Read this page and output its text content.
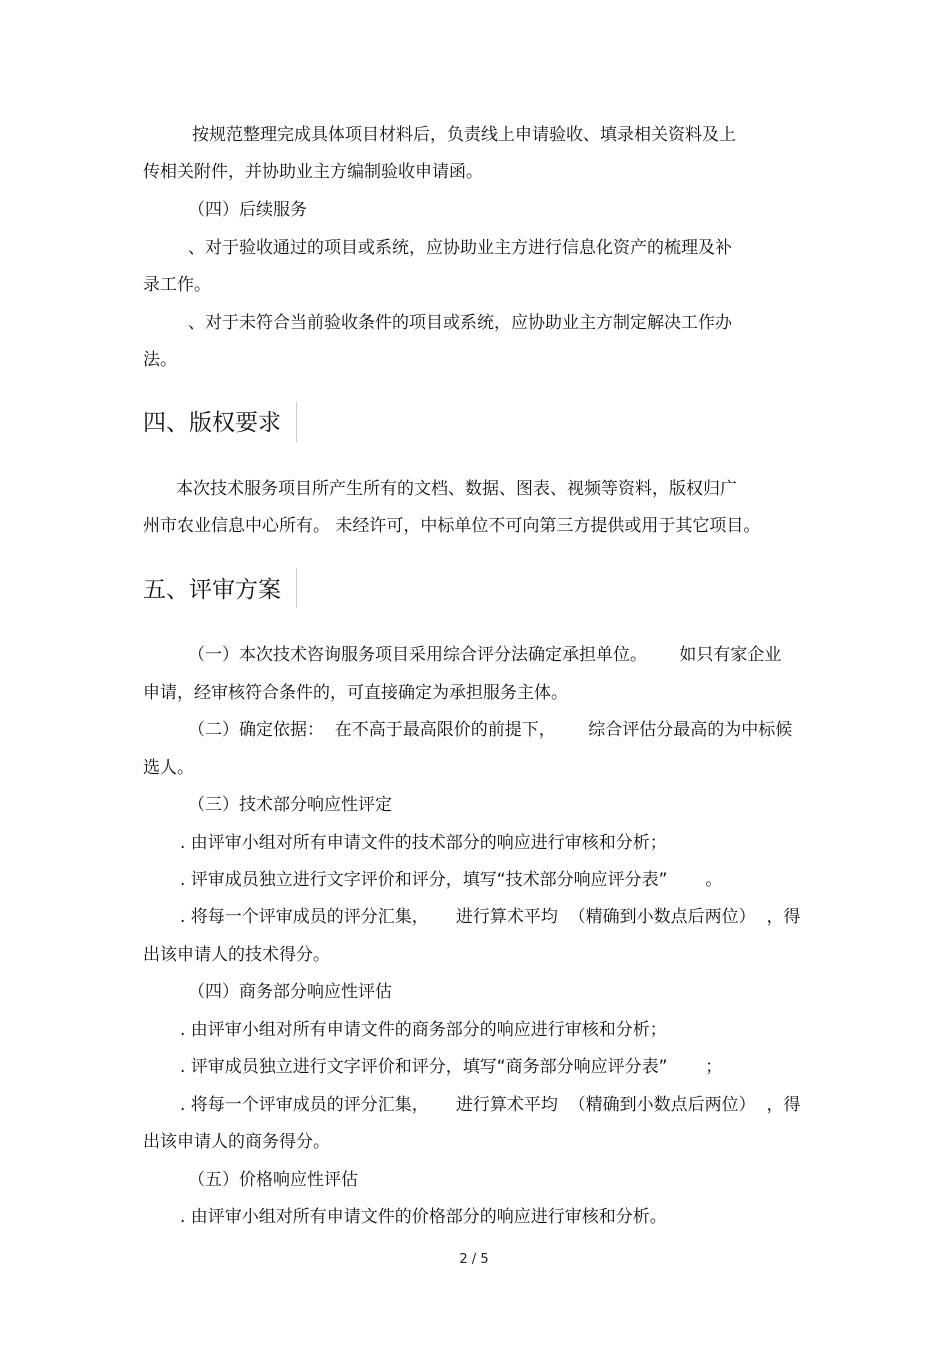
按规范整理完成具体项目材料后，负责线上申请验收、填录相关资料及上
传相关附件，并协助业主方编制验收申请函。
（四）后续服务
、对于验收通过的项目或系统，应协助业主方进行信息化资产的梳理及补
录工作。
、对于未符合当前验收条件的项目或系统，应协助业主方制定解决工作办
法。
四、版权要求
本次技术服务项目所产生所有的文档、数据、图表、视频等资料，版权归广
州市农业信息中心所有。 未经许可，中标单位不可向第三方提供或用于其它项目。
五、评审方案
（一）本次技术咨询服务项目采用综合评分法确定承担单位。      如只有家企业
申请，经审核符合条件的，可直接确定为承担服务主体。
（二）确定依据：  在不高于最高限价的前提下，      综合评估分最高的为中标候
选人。
（三）技术部分响应性评定
. 由评审小组对所有申请文件的技术部分的响应进行审核和分析；
. 评审成员独立进行文字评价和评分，填写“技术部分响应评分表”       。
. 将每一个评审成员的评分汇集，     进行算术平均  （精确到小数点后两位）  ，得
出该申请人的技术得分。
（四）商务部分响应性评估
. 由评审小组对所有申请文件的商务部分的响应进行审核和分析；
. 评审成员独立进行文字评价和评分，填写“商务部分响应评分表”       ；
. 将每一个评审成员的评分汇集，     进行算术平均  （精确到小数点后两位）  ，得
出该申请人的商务得分。
（五）价格响应性评估
. 由评审小组对所有申请文件的价格部分的响应进行审核和分析。
2 / 5
